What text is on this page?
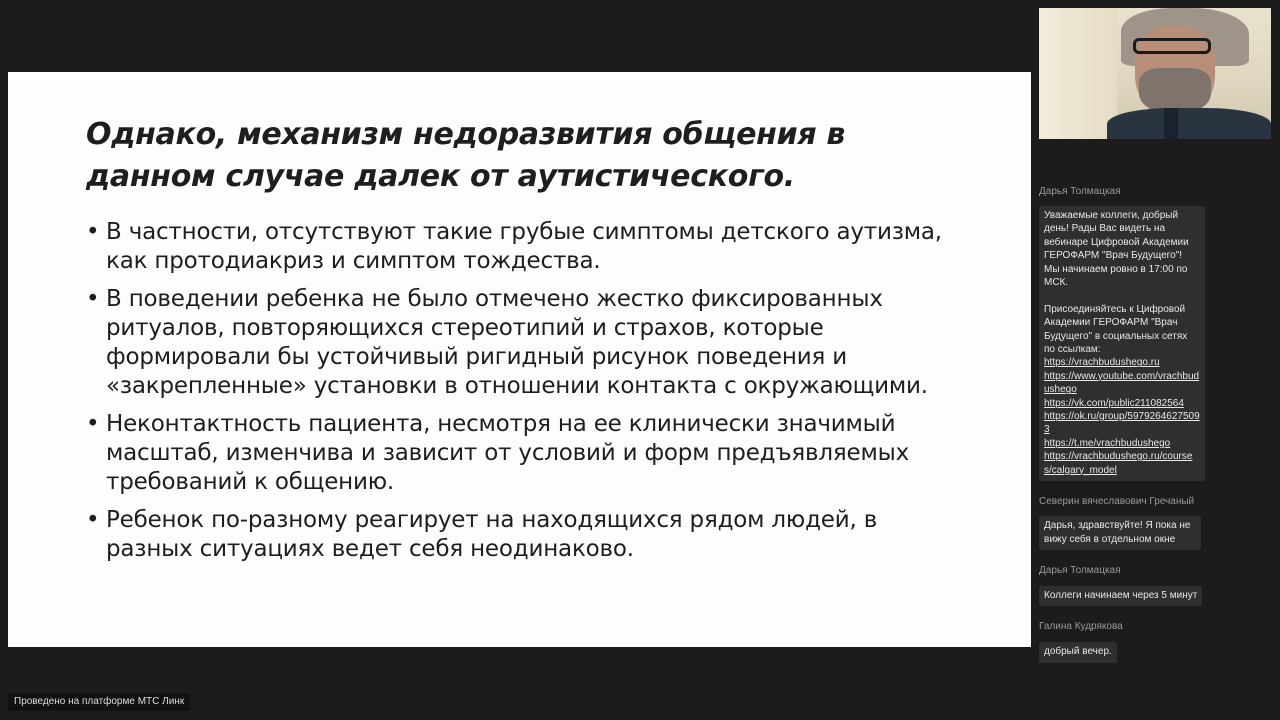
Однако, механизм недоразвития общения в данном случае далек от аутистического.
• В частности, отсутствуют такие грубые симптомы детского аутизма, как протодиакриз и симптом тождества.
• В поведении ребенка не было отмечено жестко фиксированных ритуалов, повторяющихся стереотипий и страхов, которые формировали бы устойчивый ригидный рисунок поведения и «закрепленные» установки в отношении контакта с окружающими.
• Неконтактность пациента, несмотря на ее клинически значимый масштаб, изменчива и зависит от условий и форм предъявляемых требований к общению.
• Ребенок по-разному реагирует на находящихся рядом людей, в разных ситуациях ведет себя неодинаково.
Дарья Толмацкая

Уважаемые коллеги, добрый день! Рады Вас видеть на вебинаре Цифровой Академии ГЕРОФАРМ "Врач Будущего"!

Мы начинаем ровно в 17:00 по МСК.

Присоединяйтесь к Цифровой Академии ГЕРОФАРМ "Врач Будущего" в социальных сетях по ссылкам:

https://vrachbudushego.ru
https://www.youtube.com/vrachbudushego
https://vk.com/public211082564
https://ok.ru/group/59792646275093
https://t.me/vrachbudushego
https://vrachbudushego.ru/courses/calgary_model
Северин вячеславович Гречаный

Дарья, здравствуйте! Я пока не вижу себя в отдельном окне

Дарья Толмацкая

Коллеги начинаем через 5 минут

Галина Кудрякова

добрый вечер.

Проведено на платформе МТС Линк
